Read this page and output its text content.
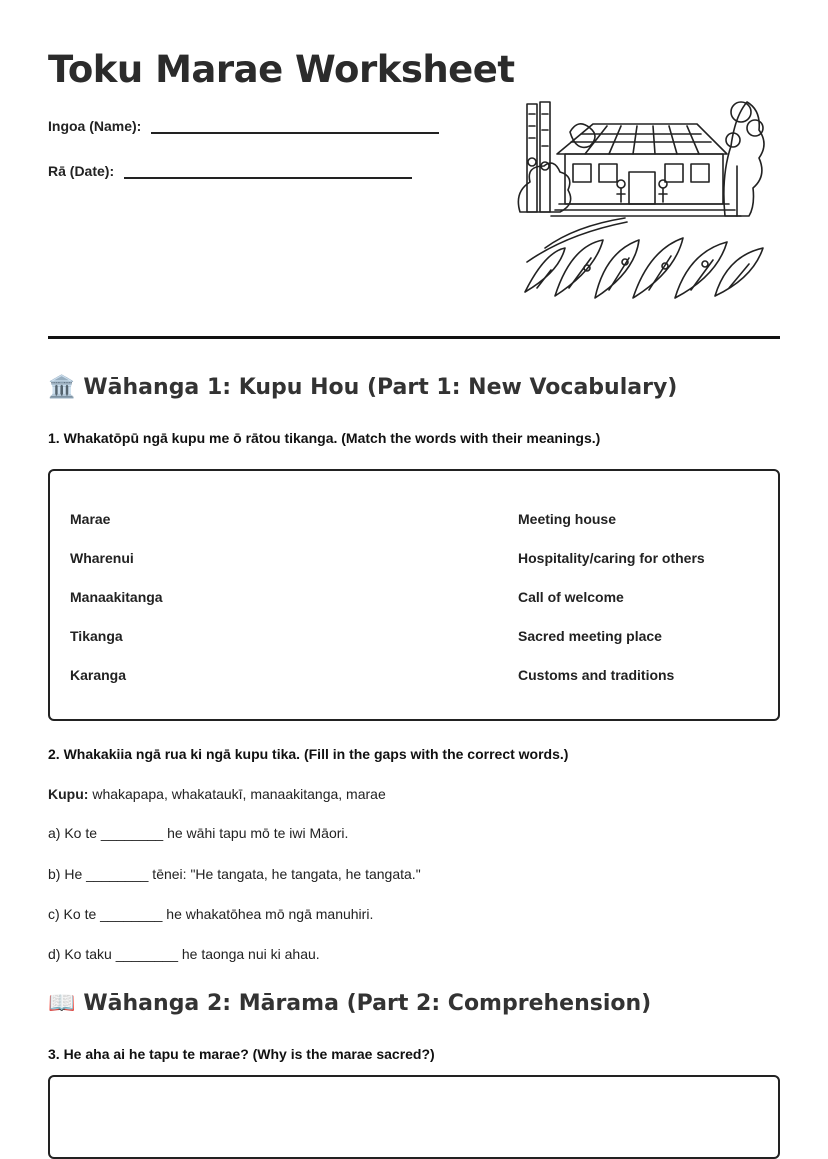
Toku Marae Worksheet
Ingoa (Name):
Rā (Date):
🏛️ Wāhanga 1: Kupu Hou (Part 1: New Vocabulary)

1. Whakatōpū ngā kupu me ō rātou tikanga. (Match the words with their meanings.)

Marae
Wharenui
Manaakitanga
Tikanga
Karanga
Meeting house
Hospitality/caring for others
Call of welcome
Sacred meeting place
Customs and traditions

2. Whakakiia ngā rua ki ngā kupu tika. (Fill in the gaps with the correct words.)

Kupu: whakapapa, whakataukī, manaakitanga, marae
a) Ko te ________ he wāhi tapu mō te iwi Māori.
b) He ________ tēnei: "He tangata, he tangata, he tangata."
c) Ko te ________ he whakatōhea mō ngā manuhiri.
d) Ko taku ________ he taonga nui ki ahau.
📖 Wāhanga 2: Mārama (Part 2: Comprehension)

3. He aha ai he tapu te marae? (Why is the marae sacred?)
